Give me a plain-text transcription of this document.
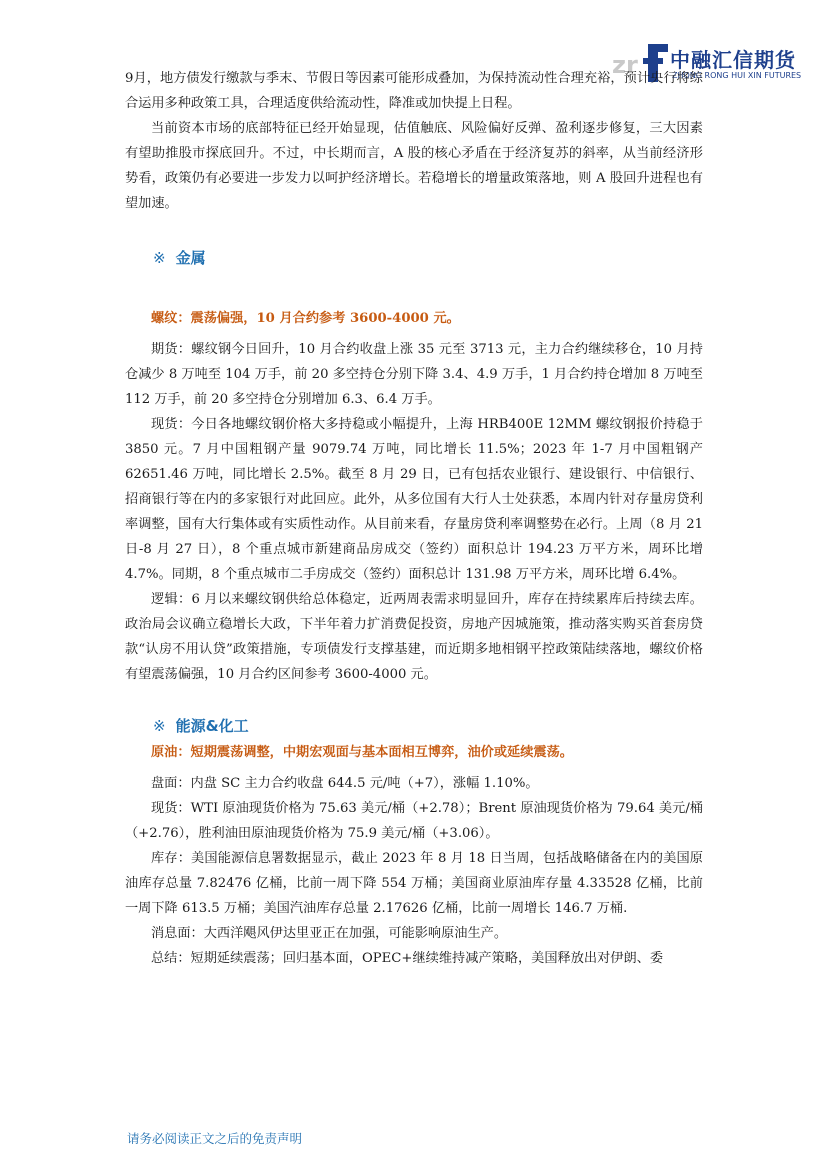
zr 中融汇信期货
ZHONG RONG HUI XIN FUTURES

9月，地方债发行缴款与季末、节假日等因素可能形成叠加，为保持流动性合理充裕，预计央行将综合运用多种政策工具，合理适度供给流动性，降准或加快提上日程。

当前资本市场的底部特征已经开始显现，估值触底、风险偏好反弹、盈利逐步修复，三大因素有望助推股市探底回升。不过，中长期而言，A 股的核心矛盾在于经济复苏的斜率，从当前经济形势看，政策仍有必要进一步发力以呵护经济增长。若稳增长的增量政策落地，则 A 股回升进程也有望加速。

※ 金属
螺纹：震荡偏强，10 月合约参考 3600-4000 元。

期货：螺纹钢今日回升，10 月合约收盘上涨 35 元至 3713 元，主力合约继续移仓，10 月持仓减少 8 万吨至 104 万手，前 20 多空持仓分别下降 3.4、4.9 万手，1 月合约持仓增加 8 万吨至 112 万手，前 20 多空持仓分别增加 6.3、6.4 万手。

现货：今日各地螺纹钢价格大多持稳或小幅提升，上海 HRB400E 12MM 螺纹钢报价持稳于 3850 元。7 月中国粗钢产量 9079.74 万吨，同比增长 11.5%；2023 年 1-7 月中国粗钢产 62651.46 万吨，同比增长 2.5%。截至 8 月 29 日，已有包括农业银行、建设银行、中信银行、招商银行等在内的多家银行对此回应。此外，从多位国有大行人士处获悉，本周内针对存量房贷利率调整，国有大行集体或有实质性动作。从目前来看，存量房贷利率调整势在必行。上周（8 月 21 日-8 月 27 日），8 个重点城市新建商品房成交（签约）面积总计 194.23 万平方米，周环比增 4.7%。同期，8 个重点城市二手房成交（签约）面积总计 131.98 万平方米，周环比增 6.4%。

逻辑：6 月以来螺纹钢供给总体稳定，近两周表需求明显回升，库存在持续累库后持续去库。政治局会议确立稳增长大政，下半年着力扩消费促投资，房地产因城施策，推动落实购买首套房贷款“认房不用认贷”政策措施，专项债发行支撑基建，而近期多地相钢平控政策陆续落地，螺纹价格有望震荡偏强，10 月合约区间参考 3600-4000 元。

※ 能源&化工
原油：短期震荡调整，中期宏观面与基本面相互博弈，油价或延续震荡。

盘面：内盘 SC 主力合约收盘 644.5 元/吨（+7），涨幅 1.10%。

现货：WTI 原油现货价格为 75.63 美元/桶（+2.78）；Brent 原油现货价格为 79.64 美元/桶（+2.76），胜利油田原油现货价格为 75.9 美元/桶（+3.06）。

库存：美国能源信息署数据显示，截止 2023 年 8 月 18 日当周，包括战略储备在内的美国原油库存总量 7.82476 亿桶，比前一周下降 554 万桶；美国商业原油库存量 4.33528 亿桶，比前一周下降 613.5 万桶；美国汽油库存总量 2.17626 亿桶，比前一周增长 146.7 万桶.

消息面：大西洋飓风伊达里亚正在加强，可能影响原油生产。

总结：短期延续震荡；回归基本面，OPEC+继续维持减产策略，美国释放出对伊朗、委

请务必阅读正文之后的免责声明
